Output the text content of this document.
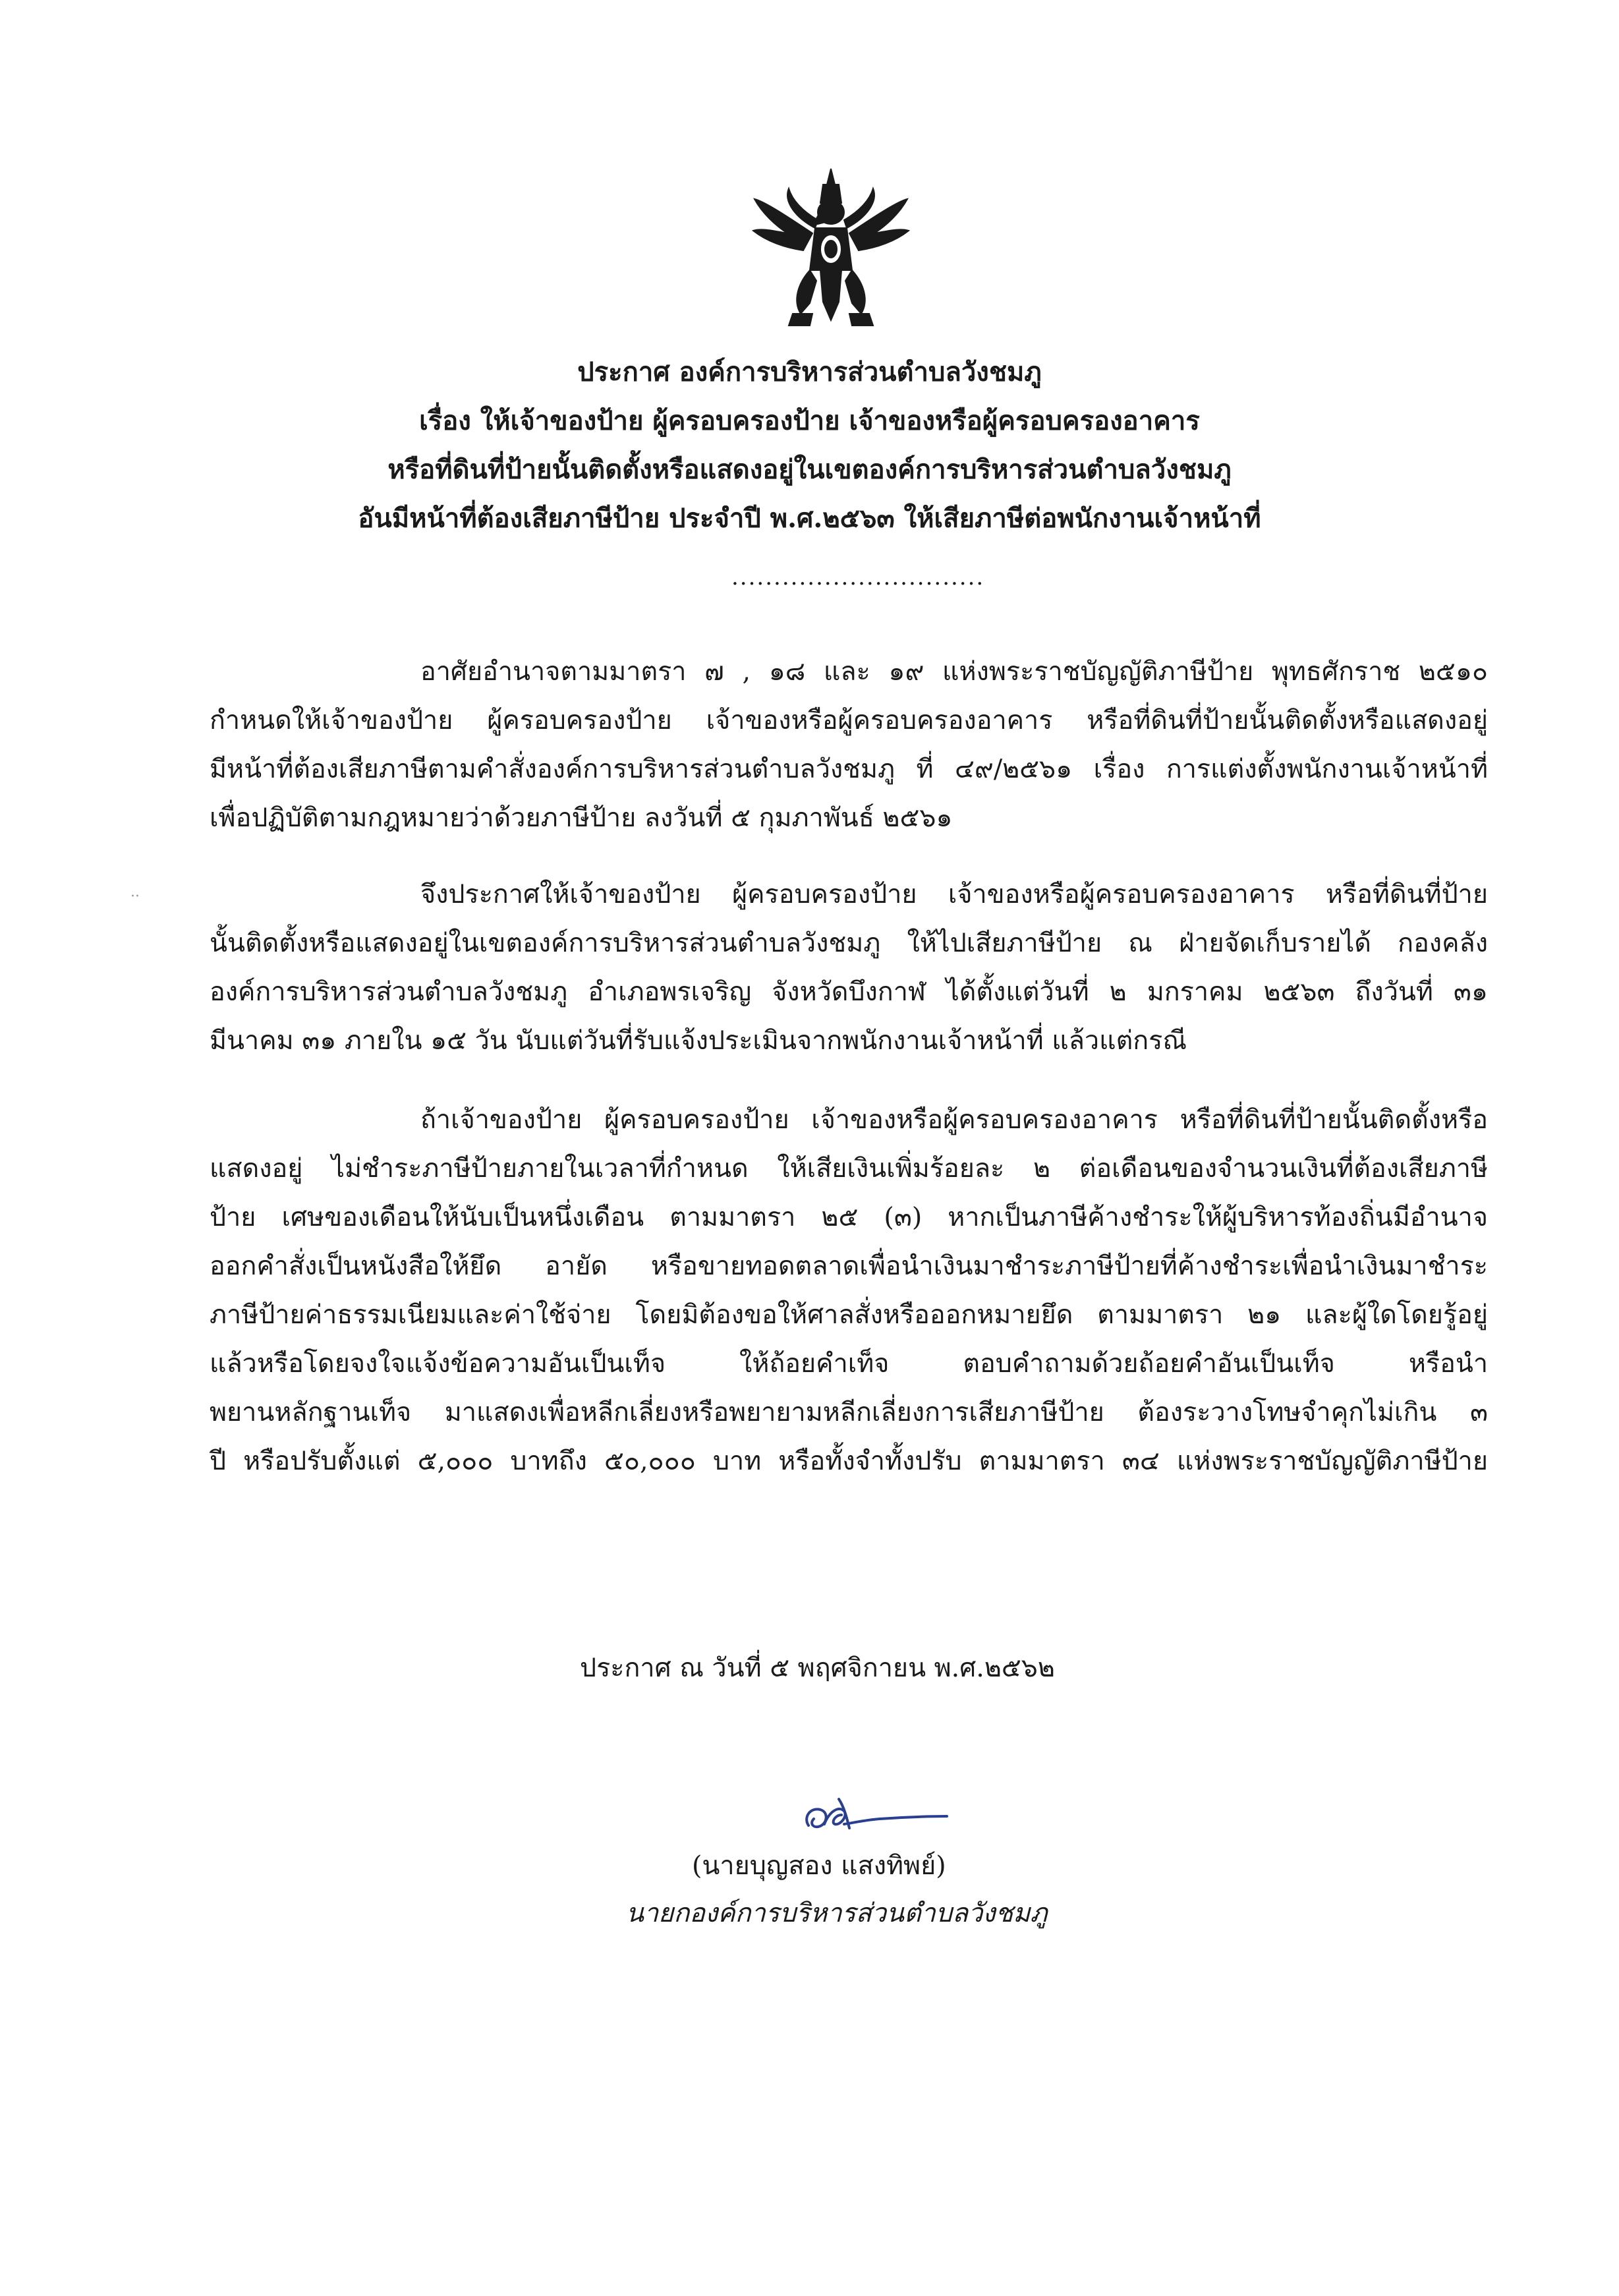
ประกาศ องค์การบริหารส่วนตำบลวังชมภู
เรื่อง ให้เจ้าของป้าย ผู้ครอบครองป้าย เจ้าของหรือผู้ครอบครองอาคาร
หรือที่ดินที่ป้ายนั้นติดตั้งหรือแสดงอยู่ในเขตองค์การบริหารส่วนตำบลวังชมภู
อันมีหน้าที่ต้องเสียภาษีป้าย ประจำปี พ.ศ.๒๕๖๓ ให้เสียภาษีต่อพนักงานเจ้าหน้าที่
..............................
อาศัยอำนาจตามมาตรา ๗ , ๑๘ และ ๑๙ แห่งพระราชบัญญัติภาษีป้าย พุทธศักราช ๒๕๑๐
กำหนดให้เจ้าของป้าย ผู้ครอบครองป้าย เจ้าของหรือผู้ครอบครองอาคาร หรือที่ดินที่ป้ายนั้นติดตั้งหรือแสดงอยู่
มีหน้าที่ต้องเสียภาษีตามคำสั่งองค์การบริหารส่วนตำบลวังชมภู ที่ ๔๙/๒๕๖๑ เรื่อง การแต่งตั้งพนักงานเจ้าหน้าที่
เพื่อปฏิบัติตามกฎหมายว่าด้วยภาษีป้าย ลงวันที่ ๕ กุมภาพันธ์ ๒๕๖๑
··	จึงประกาศให้เจ้าของป้าย ผู้ครอบครองป้าย เจ้าของหรือผู้ครอบครองอาคาร หรือที่ดินที่ป้าย
นั้นติดตั้งหรือแสดงอยู่ในเขตองค์การบริหารส่วนตำบลวังชมภู ให้ไปเสียภาษีป้าย ณ ฝ่ายจัดเก็บรายได้ กองคลัง
องค์การบริหารส่วนตำบลวังชมภู อำเภอพรเจริญ จังหวัดบึงกาฬ ได้ตั้งแต่วันที่ ๒ มกราคม ๒๕๖๓ ถึงวันที่ ๓๑
มีนาคม ๓๑ ภายใน ๑๕ วัน นับแต่วันที่รับแจ้งประเมินจากพนักงานเจ้าหน้าที่ แล้วแต่กรณี
ถ้าเจ้าของป้าย ผู้ครอบครองป้าย เจ้าของหรือผู้ครอบครองอาคาร หรือที่ดินที่ป้ายนั้นติดตั้งหรือ
แสดงอยู่ ไม่ชำระภาษีป้ายภายในเวลาที่กำหนด ให้เสียเงินเพิ่มร้อยละ ๒ ต่อเดือนของจำนวนเงินที่ต้องเสียภาษี
ป้าย เศษของเดือนให้นับเป็นหนึ่งเดือน ตามมาตรา ๒๕ (๓) หากเป็นภาษีค้างชำระให้ผู้บริหารท้องถิ่นมีอำนาจ
ออกคำสั่งเป็นหนังสือให้ยึด อายัด หรือขายทอดตลาดเพื่อนำเงินมาชำระภาษีป้ายที่ค้างชำระเพื่อนำเงินมาชำระ
ภาษีป้ายค่าธรรมเนียมและค่าใช้จ่าย โดยมิต้องขอให้ศาลสั่งหรือออกหมายยึด ตามมาตรา ๒๑ และผู้ใดโดยรู้อยู่
แล้วหรือโดยจงใจแจ้งข้อความอันเป็นเท็จ ให้ถ้อยคำเท็จ ตอบคำถามด้วยถ้อยคำอันเป็นเท็จ หรือนำ
พยานหลักฐานเท็จ มาแสดงเพื่อหลีกเลี่ยงหรือพยายามหลีกเลี่ยงการเสียภาษีป้าย ต้องระวางโทษจำคุกไม่เกิน ๓
ปี หรือปรับตั้งแต่ ๕,๐๐๐ บาทถึง ๕๐,๐๐๐ บาท หรือทั้งจำทั้งปรับ ตามมาตรา ๓๔ แห่งพระราชบัญญัติภาษีป้าย
ประกาศ ณ วันที่ ๕ พฤศจิกายน พ.ศ.๒๕๖๒
(นายบุญสอง แสงทิพย์)
นายกองค์การบริหารส่วนตำบลวังชมภู
